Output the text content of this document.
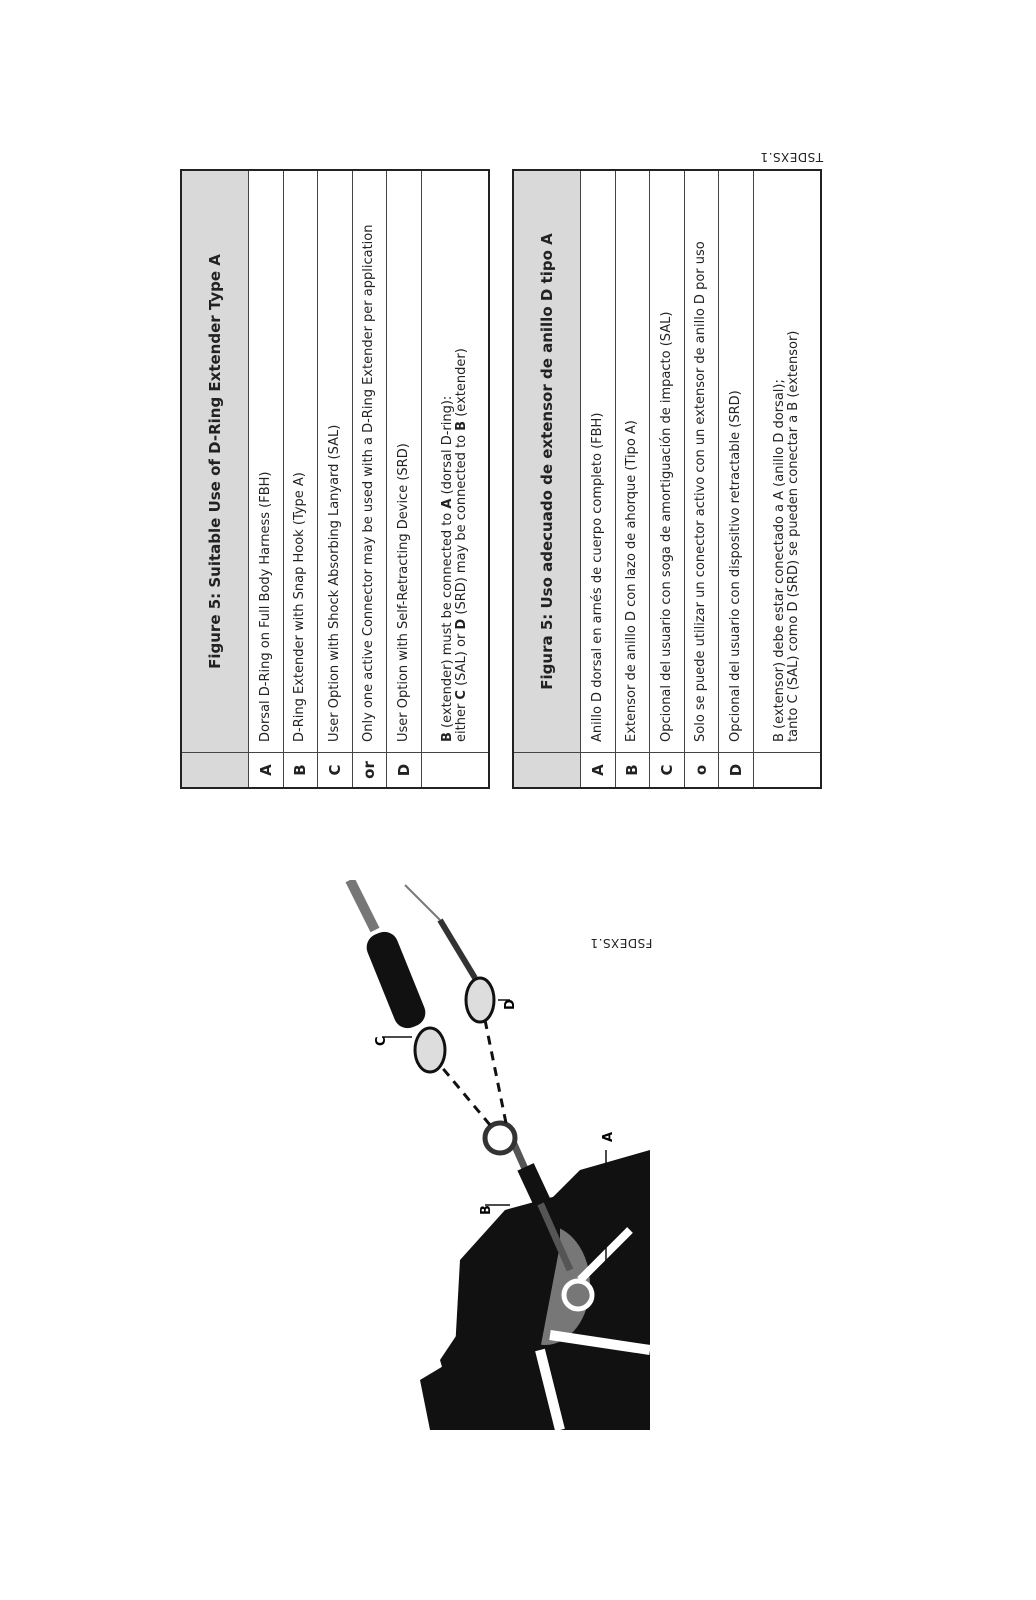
	Figure 5: Suitable Use of D-Ring Extender Type A
A	Dorsal D-Ring on Full Body Harness (FBH)
B	D-Ring Extender with Snap Hook (Type A)
C	User Option with Shock Absorbing Lanyard (SAL)
or	Only one active Connector may be used with a D-Ring Extender per application
D	User Option with Self-Retracting Device (SRD)
	B (extender) must be connected to A (dorsal D-ring):
either C (SAL) or D (SRD) may be connected to B (extender)
		Figura 5: Uso adecuado de extensor de anillo D tipo A
A	Anillo D dorsal en arnés de cuerpo completo (FBH)
B	Extensor de anillo D con lazo de ahorque (Tipo A)
C	Opcional del usuario con soga de amortiguación de impacto (SAL)
o	Solo se puede utilizar un conector activo con un extensor de anillo D por uso
D	Opcional del usuario con dispositivo retractable (SRD)
	B (extensor) debe estar conectado a A (anillo D dorsal);
tanto C (SAL) como D (SRD) se pueden conectar a B (extensor)
TSDEXS.1
FSDEXS.1
B
A
C
D
